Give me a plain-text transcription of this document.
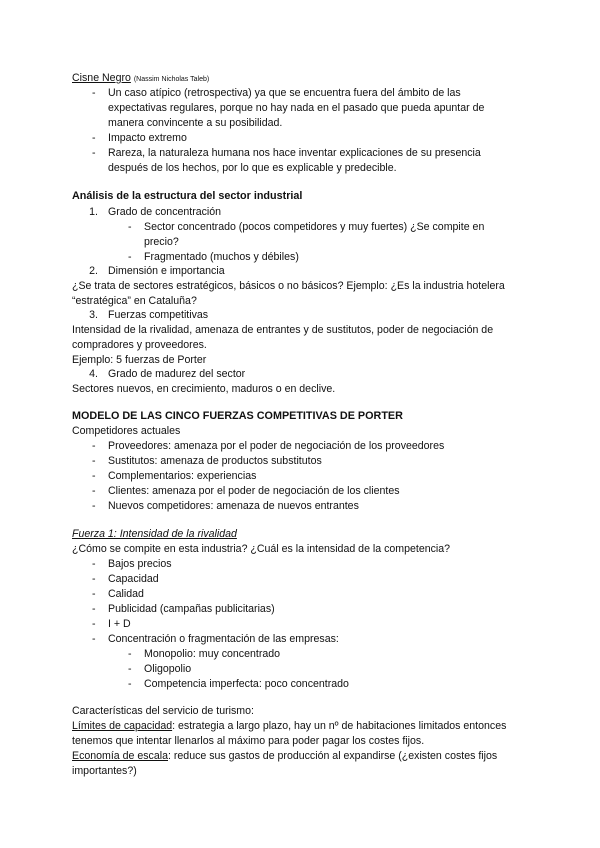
Cisne Negro (Nassim Nicholas Taleb)
-	Un caso atípico (retrospectiva) ya que se encuentra fuera del ámbito de las
expectativas regulares, porque no hay nada en el pasado que pueda apuntar de
manera convincente a su posibilidad.
-	Impacto extremo
-	Rareza, la naturaleza humana nos hace inventar explicaciones de su presencia
después de los hechos, por lo que es explicable y predecible.
Análisis de la estructura del sector industrial
1. Grado de concentración
-	Sector concentrado (pocos competidores y muy fuertes) ¿Se compite en
precio?
-	Fragmentado (muchos y débiles)
2. Dimensión e importancia
¿Se trata de sectores estratégicos, básicos o no básicos? Ejemplo: ¿Es la industria hotelera
“estratégica” en Cataluña?
3. Fuerzas competitivas
Intensidad de la rivalidad, amenaza de entrantes y de sustitutos, poder de negociación de
compradores y proveedores.
Ejemplo: 5 fuerzas de Porter
4. Grado de madurez del sector
Sectores nuevos, en crecimiento, maduros o en declive.
MODELO DE LAS CINCO FUERZAS COMPETITIVAS DE PORTER
Competidores actuales
-	Proveedores: amenaza por el poder de negociación de los proveedores
-	Sustitutos: amenaza de productos substitutos
-	Complementarios: experiencias
-	Clientes: amenaza por el poder de negociación de los clientes
-	Nuevos competidores: amenaza de nuevos entrantes
Fuerza 1: Intensidad de la rivalidad
¿Cómo se compite en esta industria? ¿Cuál es la intensidad de la competencia?
-	Bajos precios
-	Capacidad
-	Calidad
-	Publicidad (campañas publicitarias)
-	I + D
-	Concentración o fragmentación de las empresas:
-	Monopolio: muy concentrado
-	Oligopolio
-	Competencia imperfecta: poco concentrado
Características del servicio de turismo:
Límites de capacidad: estrategia a largo plazo, hay un nº de habitaciones limitados entonces
tenemos que intentar llenarlos al máximo para poder pagar los costes fijos.
Economía de escala: reduce sus gastos de producción al expandirse (¿existen costes fijos
importantes?)
